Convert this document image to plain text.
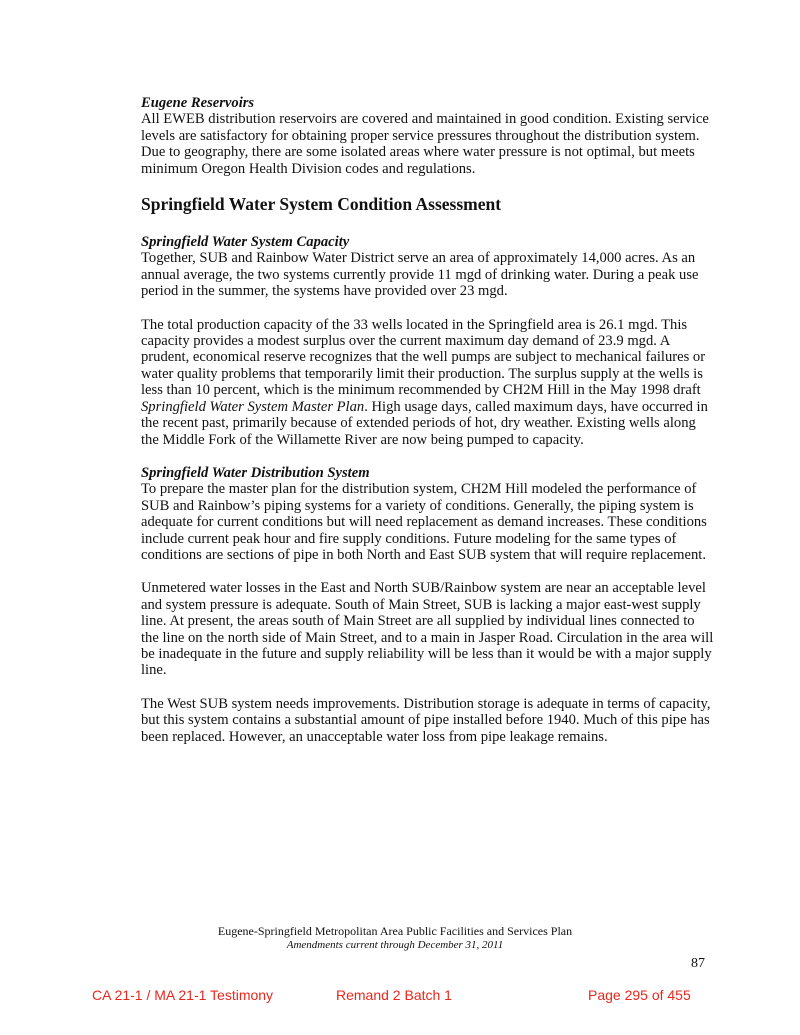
Eugene Reservoirs

All EWEB distribution reservoirs are covered and maintained in good condition. Existing service levels are satisfactory for obtaining proper service pressures throughout the distribution system. Due to geography, there are some isolated areas where water pressure is not optimal, but meets minimum Oregon Health Division codes and regulations.

Springfield Water System Condition Assessment
Springfield Water System Capacity

Together, SUB and Rainbow Water District serve an area of approximately 14,000 acres. As an annual average, the two systems currently provide 11 mgd of drinking water. During a peak use period in the summer, the systems have provided over 23 mgd.

The total production capacity of the 33 wells located in the Springfield area is 26.1 mgd. This capacity provides a modest surplus over the current maximum day demand of 23.9 mgd. A prudent, economical reserve recognizes that the well pumps are subject to mechanical failures or water quality problems that temporarily limit their production. The surplus supply at the wells is less than 10 percent, which is the minimum recommended by CH2M Hill in the May 1998 draft Springfield Water System Master Plan. High usage days, called maximum days, have occurred in the recent past, primarily because of extended periods of hot, dry weather. Existing wells along the Middle Fork of the Willamette River are now being pumped to capacity.

Springfield Water Distribution System

To prepare the master plan for the distribution system, CH2M Hill modeled the performance of SUB and Rainbow’s piping systems for a variety of conditions. Generally, the piping system is adequate for current conditions but will need replacement as demand increases. These conditions include current peak hour and fire supply conditions. Future modeling for the same types of conditions are sections of pipe in both North and East SUB system that will require replacement.

Unmetered water losses in the East and North SUB/Rainbow system are near an acceptable level and system pressure is adequate. South of Main Street, SUB is lacking a major east-west supply line. At present, the areas south of Main Street are all supplied by individual lines connected to the line on the north side of Main Street, and to a main in Jasper Road. Circulation in the area will be inadequate in the future and supply reliability will be less than it would be with a major supply line.

The West SUB system needs improvements. Distribution storage is adequate in terms of capacity, but this system contains a substantial amount of pipe installed before 1940. Much of this pipe has been replaced. However, an unacceptable water loss from pipe leakage remains.

Eugene-Springfield Metropolitan Area Public Facilities and Services Plan
Amendments current through December 31, 2011
87
CA 21-1 / MA 21-1 Testimony	Remand 2 Batch 1	Page 295 of 455
